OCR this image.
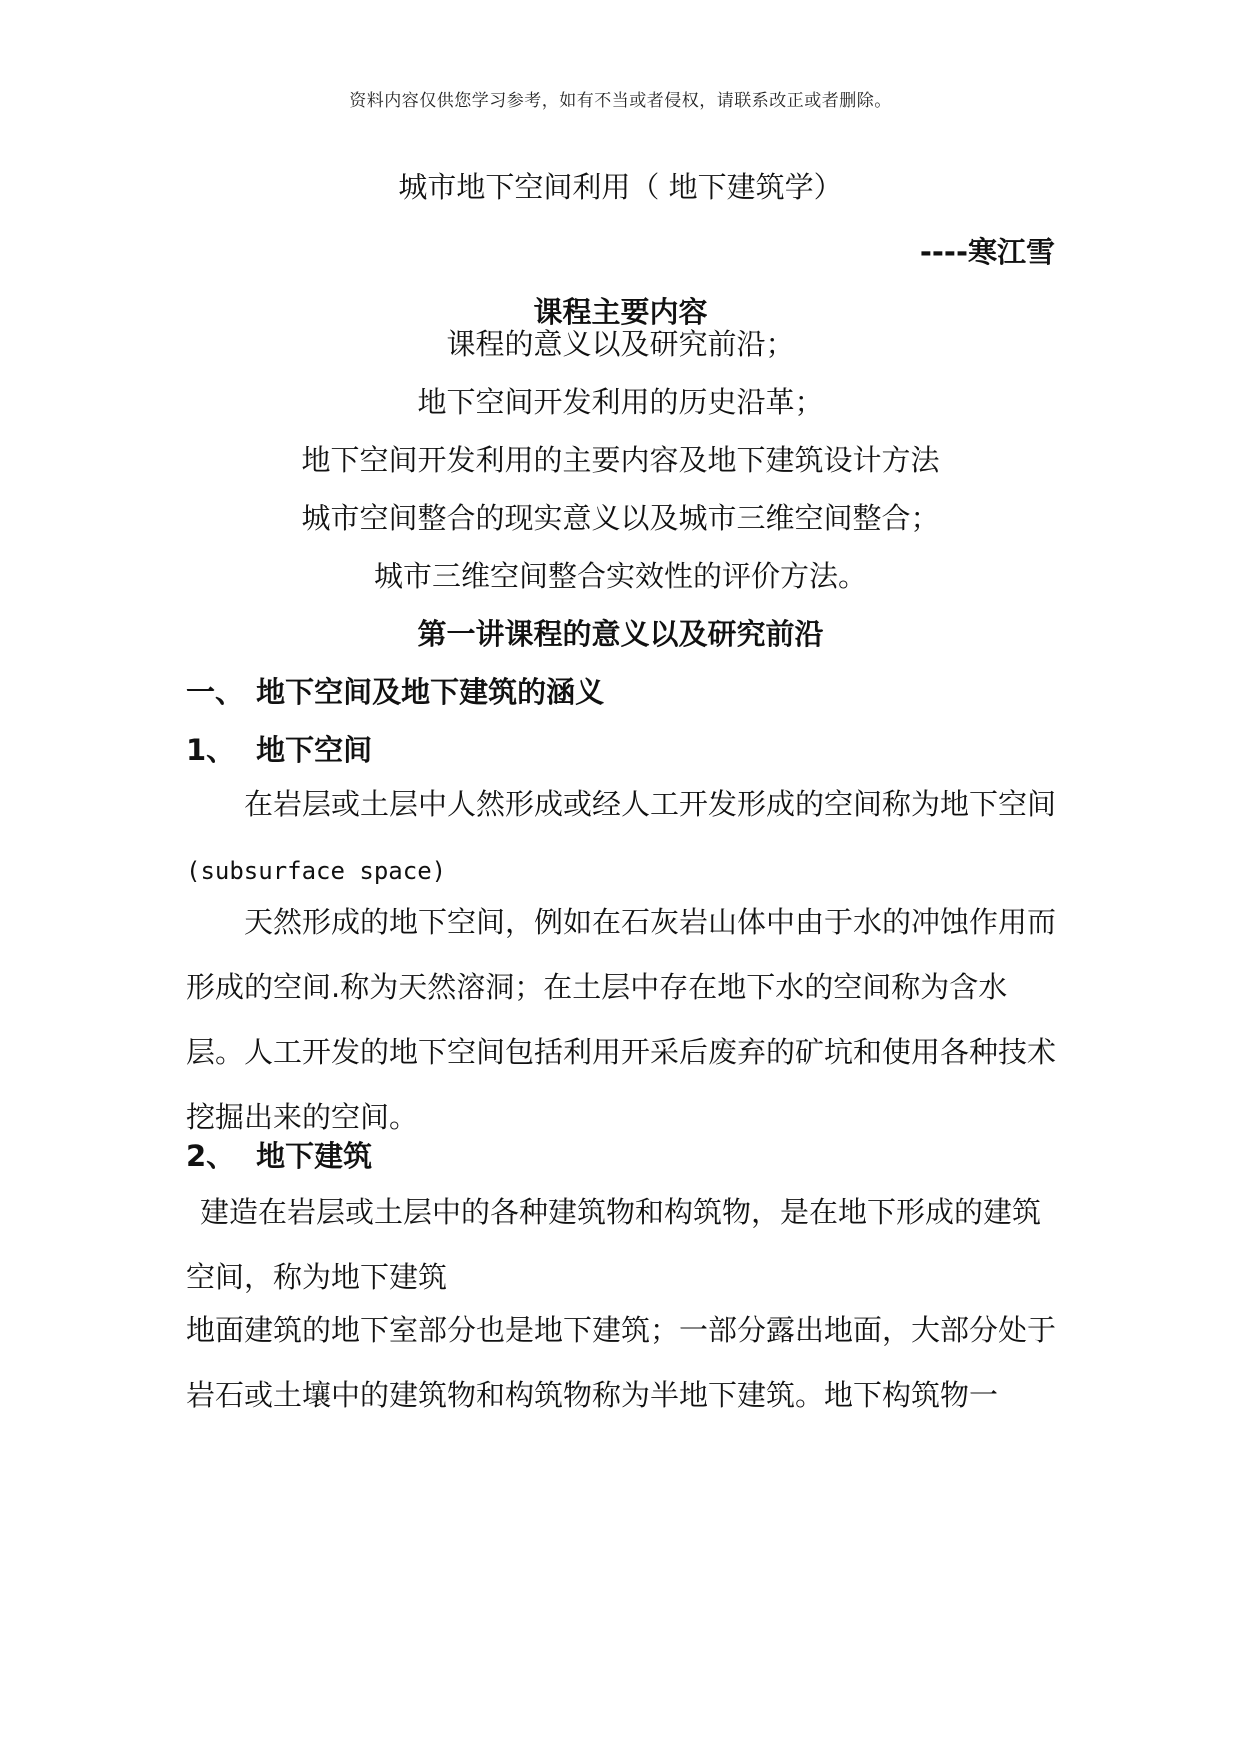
资料内容仅供您学习参考，如有不当或者侵权，请联系改正或者删除。
城市地下空间利用（ 地下建筑学）
----寒江雪
课程主要内容
课程的意义以及研究前沿；
地下空间开发利用的历史沿革；
地下空间开发利用的主要内容及地下建筑设计方法
城市空间整合的现实意义以及城市三维空间整合；
城市三维空间整合实效性的评价方法。
第一讲课程的意义以及研究前沿
一、 地下空间及地下建筑的涵义
1、 地下空间

在岩层或土层中人然形成或经人工开发形成的空间称为地下空间(subsurface space)

天然形成的地下空间，例如在石灰岩山体中由于水的冲蚀作用而形成的空间.称为天然溶洞；在土层中存在地下水的空间称为含水层。人工开发的地下空间包括利用开采后废弃的矿坑和使用各种技术挖掘出来的空间。

2、 地下建筑

建造在岩层或土层中的各种建筑物和构筑物，是在地下形成的建筑空间，称为地下建筑

地面建筑的地下室部分也是地下建筑；一部分露出地面，大部分处于岩石或土壤中的建筑物和构筑物称为半地下建筑。地下构筑物一
